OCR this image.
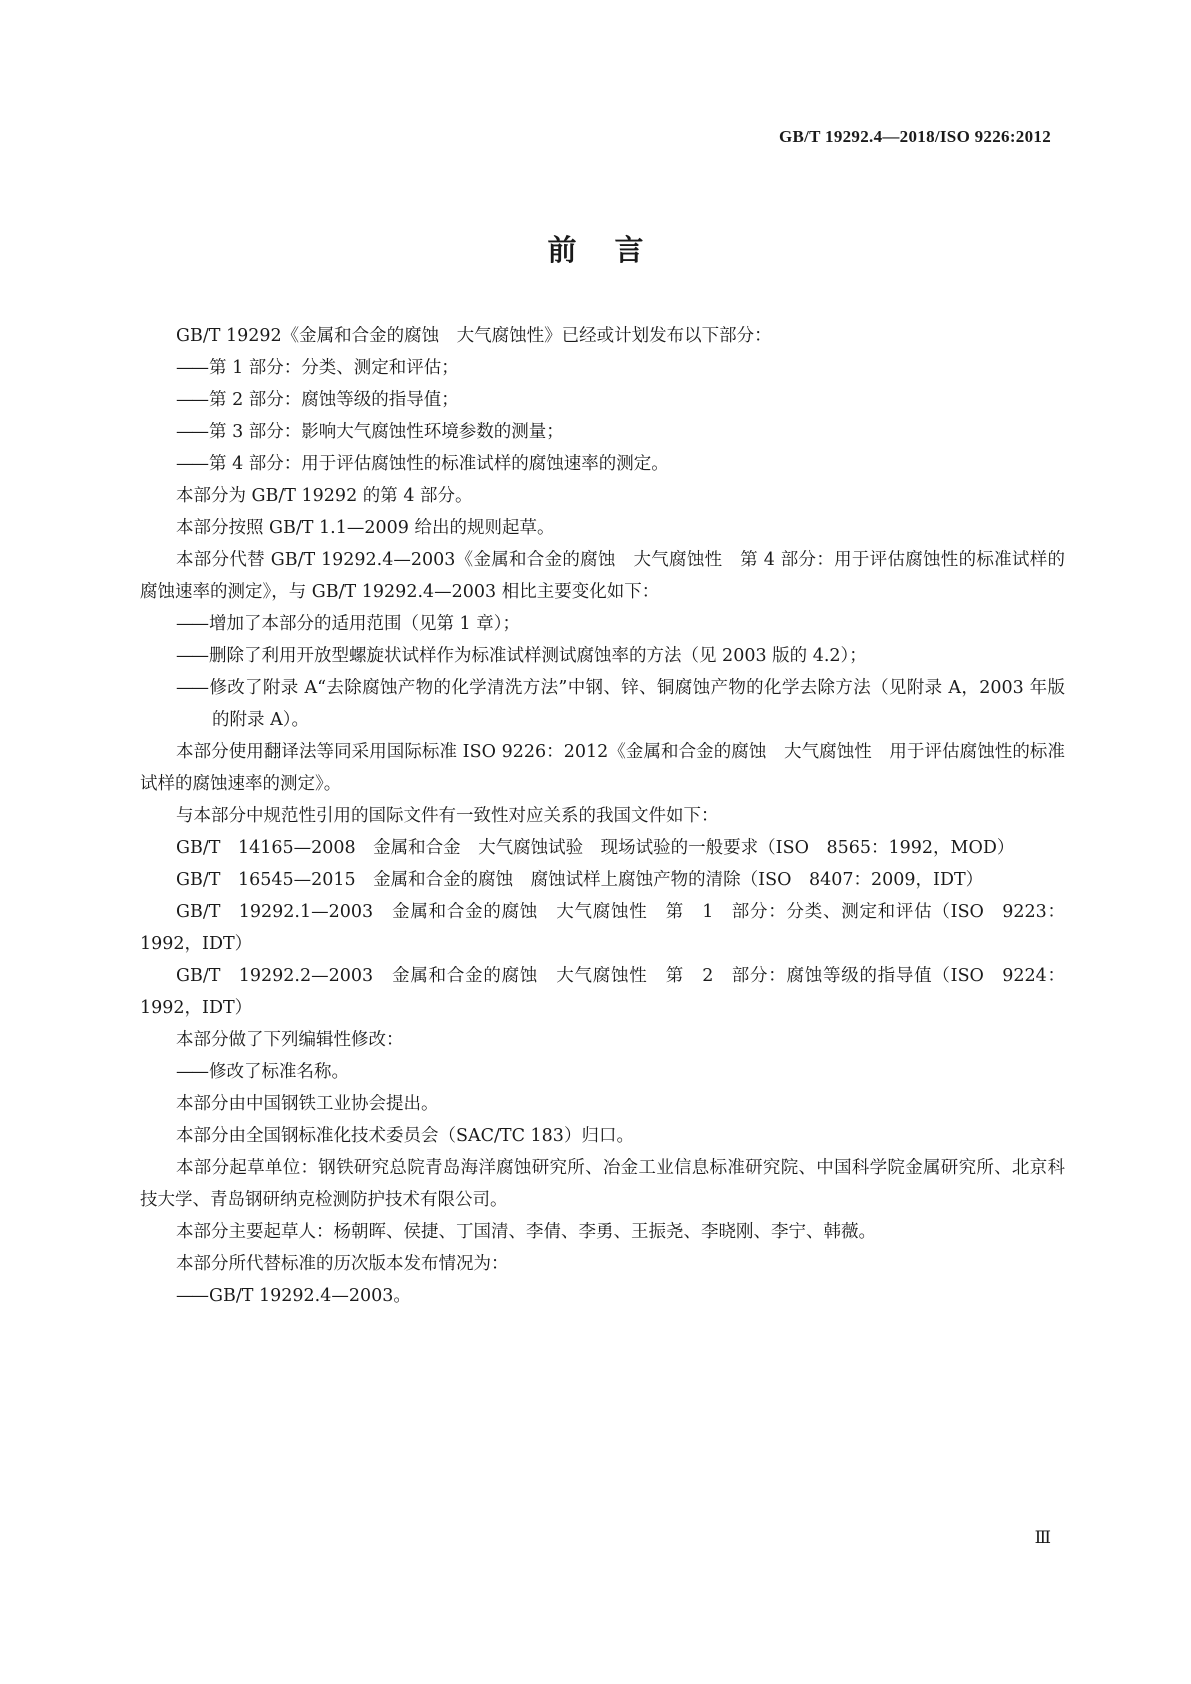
GB/T 19292.4—2018/ISO 9226:2012
前言

GB/T 19292《金属和合金的腐蚀　大气腐蚀性》已经或计划发布以下部分：

—— 第 1 部分：分类、测定和评估；

—— 第 2 部分：腐蚀等级的指导值；

—— 第 3 部分：影响大气腐蚀性环境参数的测量；

—— 第 4 部分：用于评估腐蚀性的标准试样的腐蚀速率的测定。

本部分为 GB/T 19292 的第 4 部分。

本部分按照 GB/T 1.1—2009 给出的规则起草。

本部分代替 GB/T 19292.4—2003《金属和合金的腐蚀　大气腐蚀性　第 4 部分：用于评估腐蚀性的标准试样的腐蚀速率的测定》，与 GB/T 19292.4—2003 相比主要变化如下：

—— 增加了本部分的适用范围（见第 1 章）；

—— 删除了利用开放型螺旋状试样作为标准试样测试腐蚀率的方法（见 2003 版的 4.2）；

—— 修改了附录 A“去除腐蚀产物的化学清洗方法”中钢、锌、铜腐蚀产物的化学去除方法（见附录 A，2003 年版的附录 A）。

本部分使用翻译法等同采用国际标准 ISO 9226：2012《金属和合金的腐蚀　大气腐蚀性　用于评估腐蚀性的标准试样的腐蚀速率的测定》。

与本部分中规范性引用的国际文件有一致性对应关系的我国文件如下：

GB/T 14165—2008　金属和合金　大气腐蚀试验　现场试验的一般要求（ISO 8565：1992，MOD）

GB/T 16545—2015　金属和合金的腐蚀　腐蚀试样上腐蚀产物的清除（ISO 8407：2009，IDT）

GB/T 19292.1—2003　金属和合金的腐蚀　大气腐蚀性　第 1 部分：分类、测定和评估（ISO 9223：1992，IDT）

GB/T 19292.2—2003　金属和合金的腐蚀　大气腐蚀性　第 2 部分：腐蚀等级的指导值（ISO 9224：1992，IDT）

本部分做了下列编辑性修改：

—— 修改了标准名称。

本部分由中国钢铁工业协会提出。

本部分由全国钢标准化技术委员会（SAC/TC 183）归口。

本部分起草单位：钢铁研究总院青岛海洋腐蚀研究所、冶金工业信息标准研究院、中国科学院金属研究所、北京科技大学、青岛钢研纳克检测防护技术有限公司。

本部分主要起草人：杨朝晖、侯捷、丁国清、李倩、李勇、王振尧、李晓刚、李宁、韩薇。

本部分所代替标准的历次版本发布情况为：

—— GB/T 19292.4—2003。

Ⅲ
